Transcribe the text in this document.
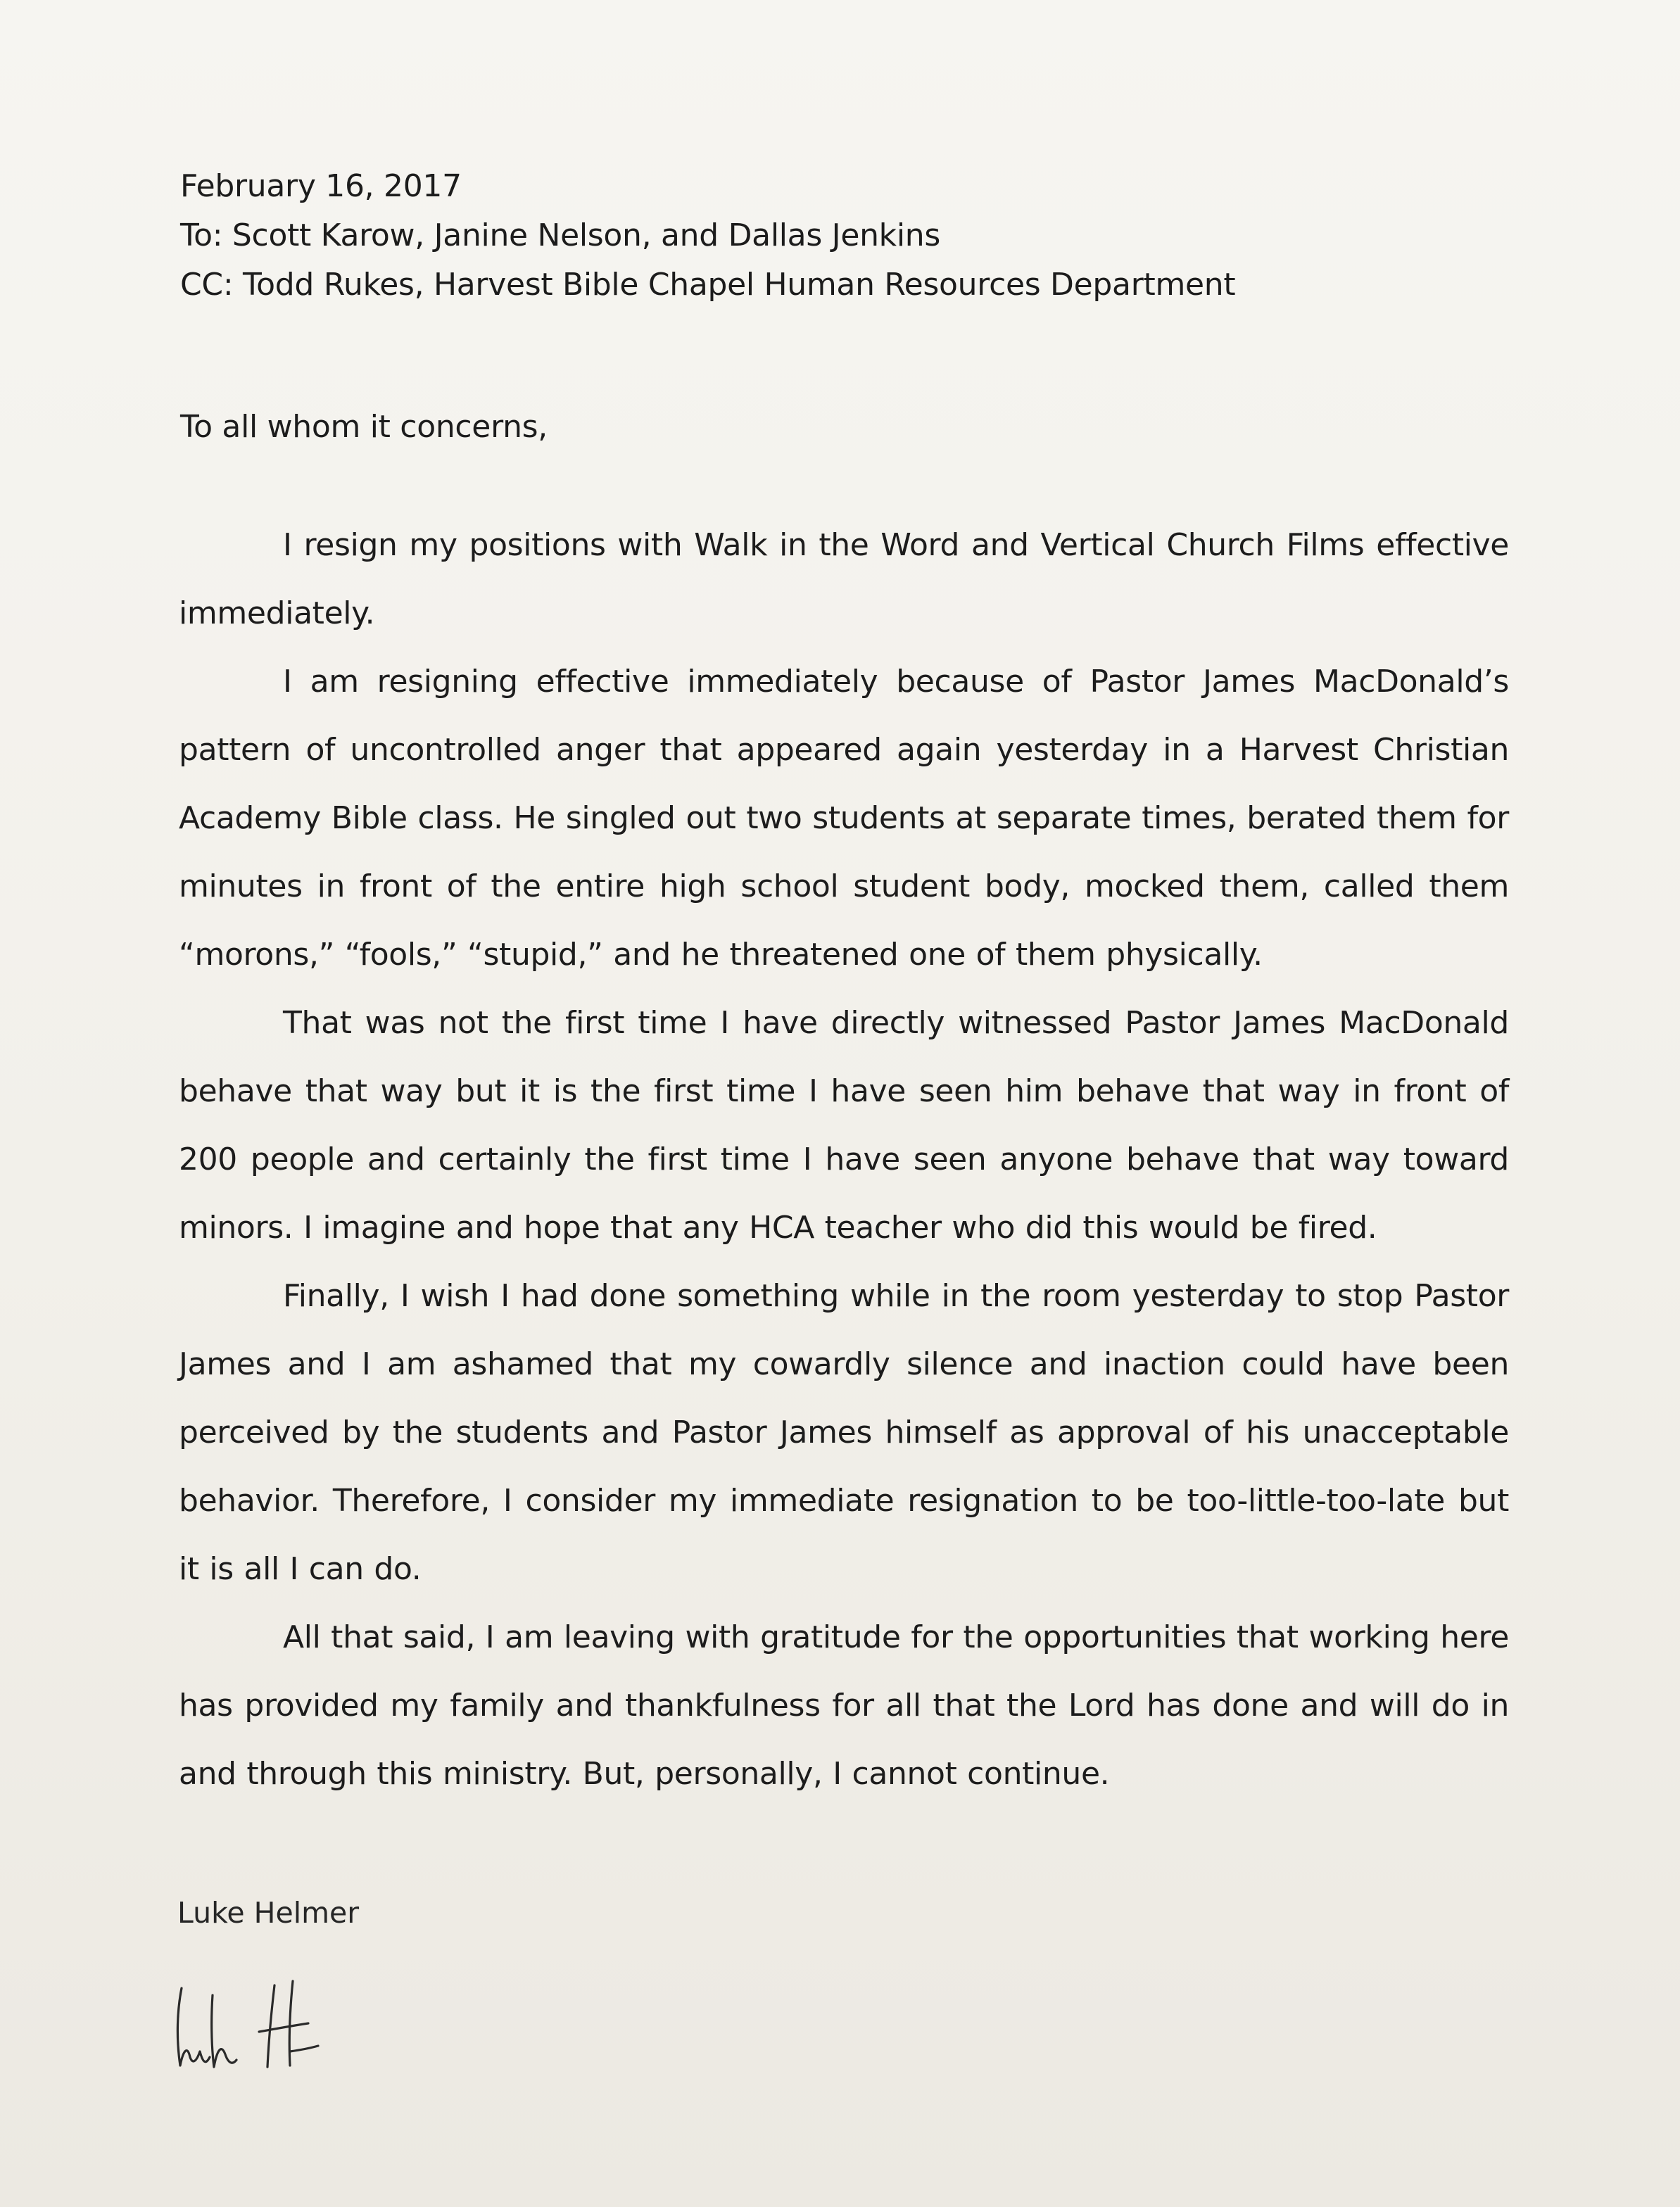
February 16, 2017
To: Scott Karow, Janine Nelson, and Dallas Jenkins
CC: Todd Rukes, Harvest Bible Chapel Human Resources Department
To all whom it concerns,

I resign my positions with Walk in the Word and Vertical Church Films effective immediately.

I am resigning effective immediately because of Pastor James MacDonald’s pattern of uncontrolled anger that appeared again yesterday in a Harvest Christian Academy Bible class. He singled out two students at separate times, berated them for minutes in front of the entire high school student body, mocked them, called them “morons,” “fools,” “stupid,” and he threatened one of them physically.

That was not the first time I have directly witnessed Pastor James MacDonald behave that way but it is the first time I have seen him behave that way in front of 200 people and certainly the first time I have seen anyone behave that way toward minors. I imagine and hope that any HCA teacher who did this would be fired.

Finally, I wish I had done something while in the room yesterday to stop Pastor James and I am ashamed that my cowardly silence and inaction could have been perceived by the students and Pastor James himself as approval of his unacceptable behavior. Therefore, I consider my immediate resignation to be too-little-too-late but it is all I can do.

All that said, I am leaving with gratitude for the opportunities that working here has provided my family and thankfulness for all that the Lord has done and will do in and through this ministry. But, personally, I cannot continue.

Luke Helmer
